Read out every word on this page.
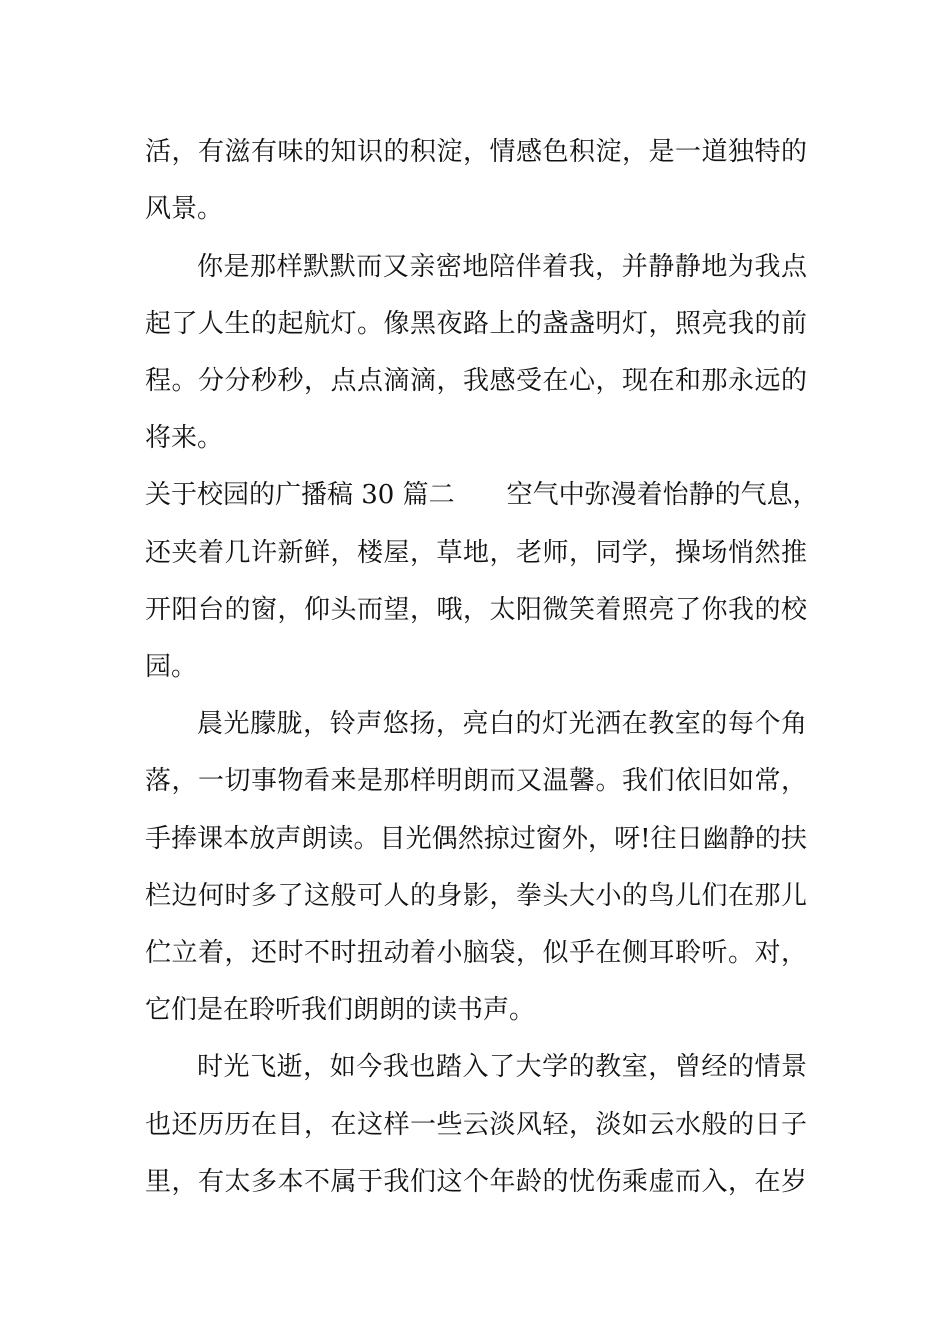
活，有滋有味的知识的积淀，情感色积淀，是一道独特的
风景。
你是那样默默而又亲密地陪伴着我，并静静地为我点
起了人生的起航灯。像黑夜路上的盏盏明灯，照亮我的前
程。分分秒秒，点点滴滴，我感受在心，现在和那永远的
将来。
关于校园的广播稿 30 篇二　　空气中弥漫着怡静的气息，
还夹着几许新鲜，楼屋，草地，老师，同学，操场悄然推
开阳台的窗，仰头而望，哦，太阳微笑着照亮了你我的校
园。
晨光朦胧，铃声悠扬，亮白的灯光洒在教室的每个角
落，一切事物看来是那样明朗而又温馨。我们依旧如常，
手捧课本放声朗读。目光偶然掠过窗外，呀!往日幽静的扶
栏边何时多了这般可人的身影，拳头大小的鸟儿们在那儿
伫立着，还时不时扭动着小脑袋，似乎在侧耳聆听。对，
它们是在聆听我们朗朗的读书声。
时光飞逝，如今我也踏入了大学的教室，曾经的情景
也还历历在目，在这样一些云淡风轻，淡如云水般的日子
里，有太多本不属于我们这个年龄的忧伤乘虚而入，在岁
